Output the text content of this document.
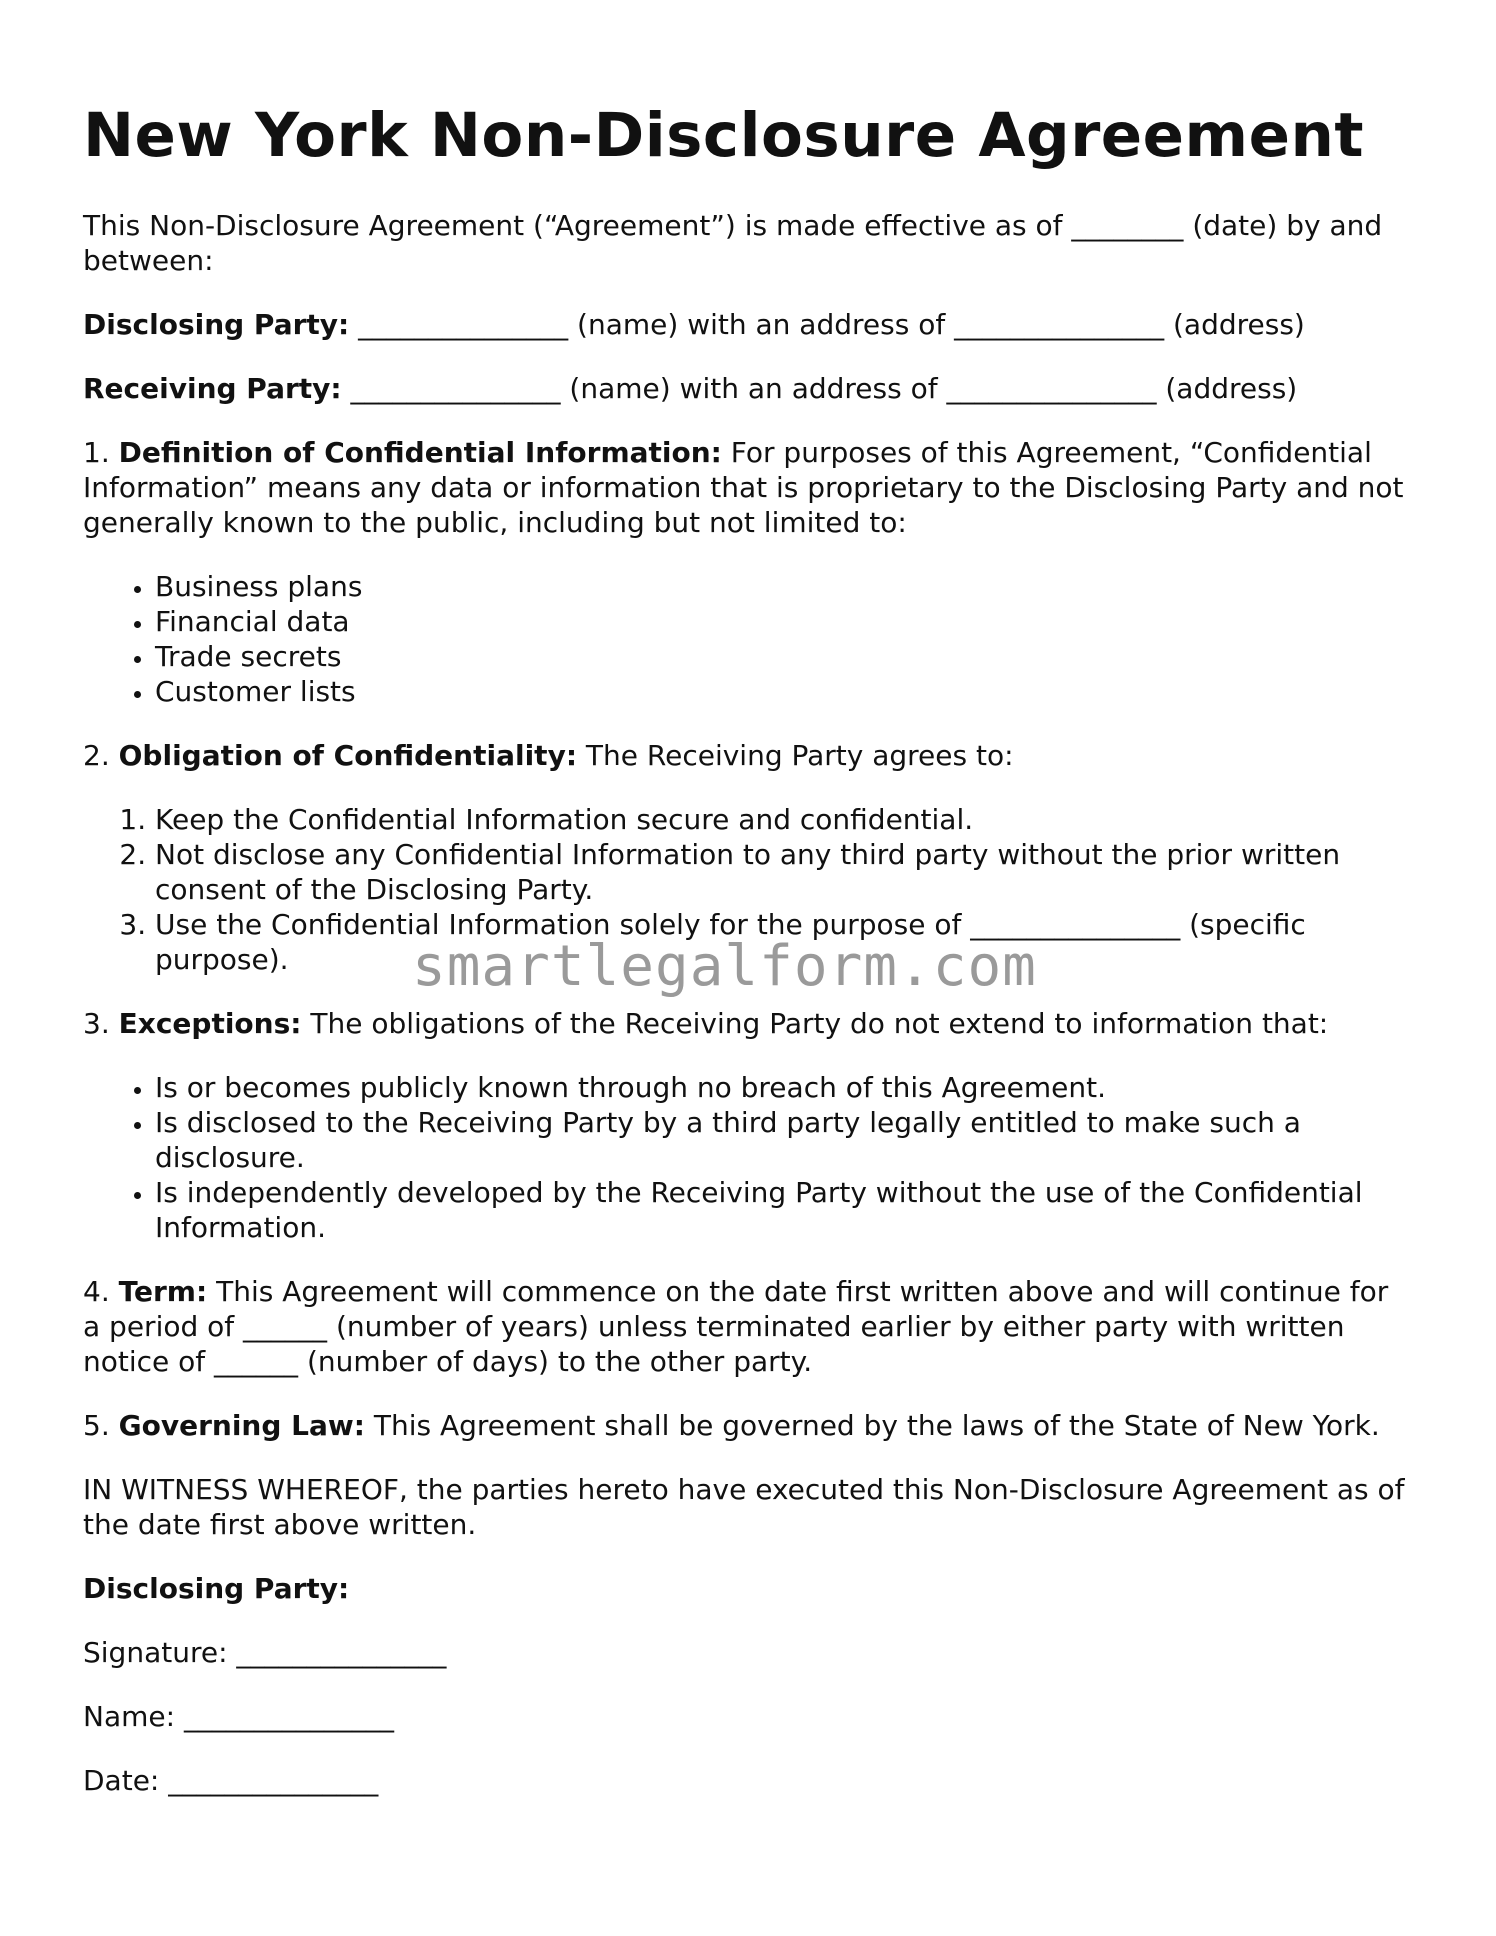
New York Non-Disclosure Agreement

This Non-Disclosure Agreement (“Agreement”) is made effective as of ________ (date) by and between:

Disclosing Party: _______________ (name) with an address of _______________ (address)

Receiving Party: _______________ (name) with an address of _______________ (address)

1. Definition of Confidential Information: For purposes of this Agreement, “Confidential Information” means any data or information that is proprietary to the Disclosing Party and not generally known to the public, including but not limited to:

• Business plans
• Financial data
• Trade secrets
• Customer lists

2. Obligation of Confidentiality: The Receiving Party agrees to:

1. Keep the Confidential Information secure and confidential.
2. Not disclose any Confidential Information to any third party without the prior written consent of the Disclosing Party.
3. Use the Confidential Information solely for the purpose of _______________ (specific purpose).

3. Exceptions: The obligations of the Receiving Party do not extend to information that:

• Is or becomes publicly known through no breach of this Agreement.
• Is disclosed to the Receiving Party by a third party legally entitled to make such a disclosure.
• Is independently developed by the Receiving Party without the use of the Confidential Information.

4. Term: This Agreement will commence on the date first written above and will continue for a period of ______ (number of years) unless terminated earlier by either party with written notice of ______ (number of days) to the other party.

5. Governing Law: This Agreement shall be governed by the laws of the State of New York.

IN WITNESS WHEREOF, the parties hereto have executed this Non-Disclosure Agreement as of the date first above written.

Disclosing Party:

Signature: _______________

Name: _______________

Date: _______________

smartlegalform.com
